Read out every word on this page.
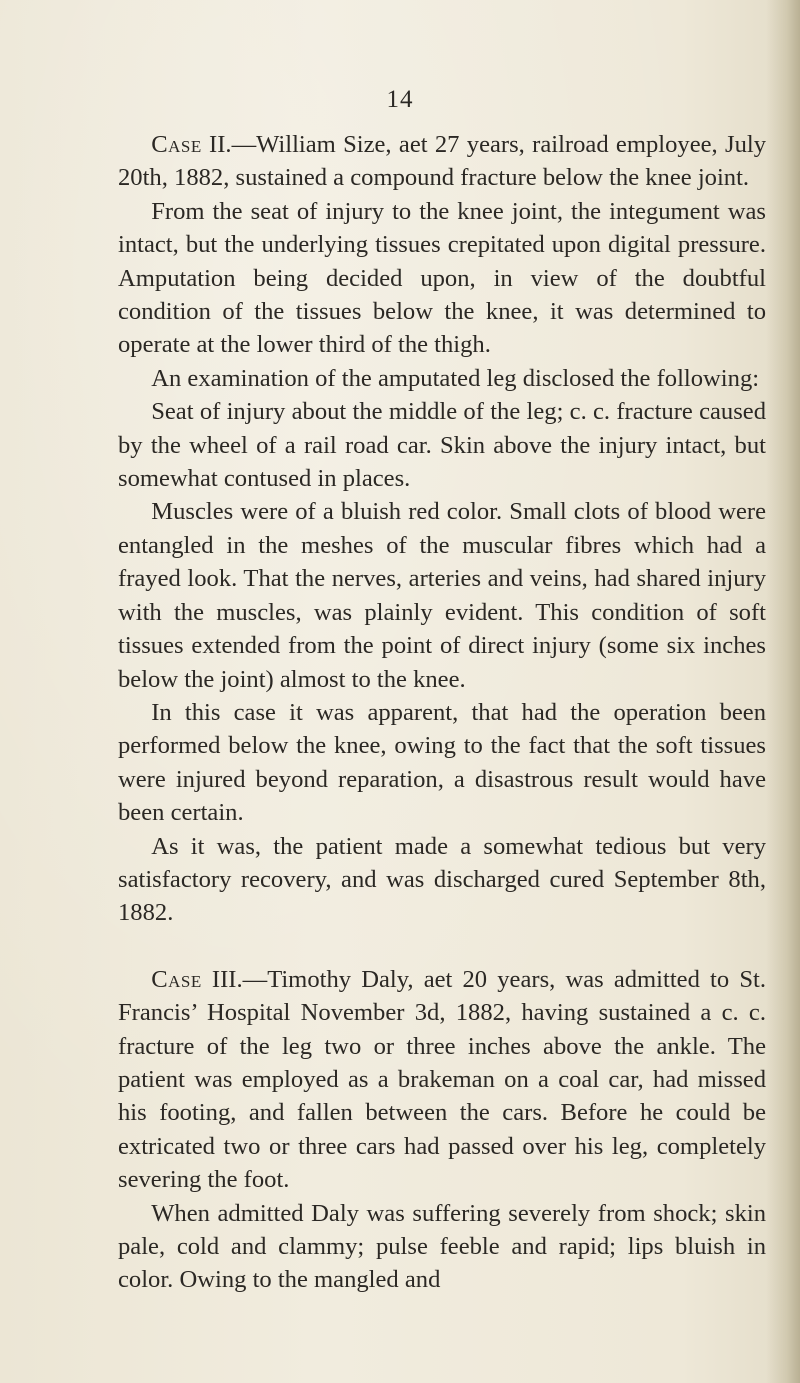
14

Case II.—William Size, aet 27 years, railroad employee, July 20th, 1882, sustained a compound fracture below the knee joint.

From the seat of injury to the knee joint, the integument was intact, but the underlying tissues crepitated upon digital pressure. Amputation being decided upon, in view of the doubtful condition of the tissues below the knee, it was determined to operate at the lower third of the thigh.

An examination of the amputated leg disclosed the following:

Seat of injury about the middle of the leg; c. c. fracture caused by the wheel of a rail road car. Skin above the injury intact, but somewhat contused in places.

Muscles were of a bluish red color. Small clots of blood were entangled in the meshes of the muscular fibres which had a frayed look. That the nerves, arteries and veins, had shared injury with the muscles, was plainly evident. This condition of soft tissues extended from the point of direct injury (some six inches below the joint) almost to the knee.

In this case it was apparent, that had the operation been performed below the knee, owing to the fact that the soft tissues were injured beyond reparation, a disastrous result would have been certain.

As it was, the patient made a somewhat tedious but very satisfactory recovery, and was discharged cured September 8th, 1882.

Case III.—Timothy Daly, aet 20 years, was admitted to St. Francis’ Hospital November 3d, 1882, having sustained a c. c. fracture of the leg two or three inches above the ankle. The patient was employed as a brakeman on a coal car, had missed his footing, and fallen between the cars. Before he could be extricated two or three cars had passed over his leg, completely severing the foot.

When admitted Daly was suffering severely from shock; skin pale, cold and clammy; pulse feeble and rapid; lips bluish in color. Owing to the mangled and
